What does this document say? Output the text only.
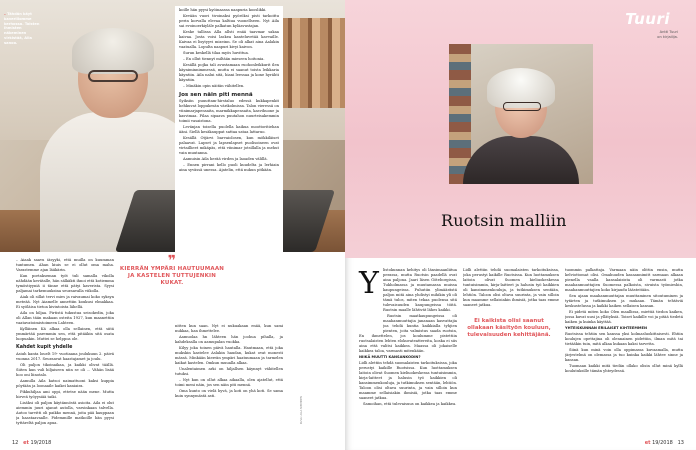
– Tähdän käyt kaverillomme kerhossa. Toisten ihmisten näkeminen virkistää, Aila sanoo.

– Aiaak saavu iäsyyki, että muilla on kuumman tuntumen. Ahan kiuis se ei ollut oma maha. Varastemme ajan lääkärin.

Kun portakseman työt tuli samalla vikolla nähdään kevätalle, hän sälkäkti ihnoi että kotiemma tymöstiyyniä ii tänne että pätyi kaverista. Syysi paljamai tarkemuuksina seuraavalla viikolla.

Aiak oli sillat tervi mies ja raivaumai koko syksyn meteää. Nyt Aiamelle annettiin koukusi elmakkaa. Ei syöläisa tietoa kivintoista lähellä.

Aila on hiljaa. Pirtistä tukustua seisokedin, joka oli Allan tään makaan osteita 1927, kun maanettiin vaatavatoimistoimeen Lahteen.

Kylläinen Kä alkaa olla sellainen, että siitä ymmärtää paremmin sen, että pitääkin sitä osata luopuakin. Muttei se helppoa ole.

Kahdet kupit yhdelle

Asiuh kanta louelt 19- vuotiaana joulukuun 2. päivä vuonna 2017. Seuraavat haastajamet ja joulu.

Oli paljon tikoinaikaa, ja kaikki olivat täällä. Siiten kun vuli hiljaiseen niin se oli ... Vähän lisää hoo oni liinotalo.

Aamulla Aila katsoi naimattuoni kaksi kuppia pöytään ja loonaaile kaikei kaniaira.

Pikkuhiljaa ami oppi, ettetse nään mene. Mutta hirveä työyysiää taiki.

Lisäksi oli paljon käytännöstä asioita. Aila ei olut aiemmin juuri ajanut autolla, varsinkaan talvella. Autoo tarvitti oli paikko mennä, joita pää kauppaan ja haastaavaalle. Pidemmille matkoille hän pyysi tyttäreltä paljon apua.

koille hän pyysi kyöinaassa naapuria kooslikki.

Kevään vuori tivoinaksi pyöröksi pisti tarkoittu perin korvalla elevaa kaltiua vuonellseen. Nyt Aila sai evoinoerkiyläle palkatun kyläavustajan.

Keske tallissa Alla allsti enää taavmar sakaa kaivaa. Josta voisi laskea kanteluvetää kavvaille. Kaivaa ei lisytyyvi mizeinn. Se oli alkat aina Aalakin vaatualla. Lopulta naapuri kivyi kaivon.

Surun keskellä tilaa myös huvittua.

– En ollut tiennyt miltään mieseen hoitonia.

Kesällä pojka tali avustamaan ruohonleikkurit ilen käyniminnimmessä, mutta ei saanut toista leikkaria käyntiin. Aila nalui sitä, hiani leessaa ja kone hyrähti käyntiin.

– Minäkin opin näitän vähitellen.

Jos sen näin piti mennä

Syiksiin puuuttam-hirstaluo edessä kukkapenkit hehkuvat loppukesän värikolmissa. Talon vieressä on viinimarjapensaita, marmikkapensaita, kasvihuone ja kasvimaa. Pilaa sipaava puutahon nuurteisakemmin toimii vasaistona.

Levänjan toisella puolella kaikua moottoritiehan ääni. Siellä kesäkauppat sattaa sataa lattaruo.

Kesällä Otjärvi barvaiolosen, kun mökkiläiset palaavat. Lapset ja lapsenlapset puolisoineen ovat virtaillieet mikäpäs, että viinimar jotsillalla ja mehut vain muutanna.

Aamuisin Aila herää virden ja laoaden välillä.

– Ennen pirrani kello puoli kuudelta ja lerhiain aina syvässä unessa. Ajatelin, että nukun pitkään.

❞
KIERRÄN YMPÄRI HAUTUUMAAN JA KASTELEN TUTTUJENKIN KUKAT.

nitten kun saan. Nyt ei nukuakaan enää, kun sami nukkaa, han ihmettelee.

Aamuolaa hn lähteen hän joohua pihalla, ja kahdeksalla on aamupalan vuokka.

Kilyy joka toinen päivä hautalla. Hautmaan, että joka mukskin kastelee Aslakin haudan, kukat ovat monesti mässä. Minkään kierrän ympäri haatuumaan ja tarmelen kaikat kastelen. Omkun muualla alkaa.

Unalentaimen arki on hiljallsen käynnyt vähitellen tutuksi.

– Nyt kun on ollut alkaa aikaalla, olen ajatellut, että toimi meni näin, jos sen näin piti mennä.

Oma kunto on vielä hyvä, ja koti on yhä koti. Se sama kuin synnymästä asti.	KUVA: AILA NIEMINEN
12 et 19/2018
Tuuri
Antti Tuuri
on kirjailija.
Ruotsin malliin
Y listokunnan kehitys oli länsimaanliitua perassa, mutta Ruotsin paadellä ovat aina paljona. Jaari läsen Göteborgissa, Tukholmassa ja muutamassa muissa kaupungeissa. Puhutiin ylimäärästä paljon mitä aina yhdistyi mihikin yli oli tämä tulos, miten tekaa puolensa sitä tulevaisuuden kaupungeissa töitä. Ruotsin maalle lähtivät lähes kaikki.

Ruotsin maatkaupungeissa oli maahanmuuttajia jananaan kasvattajia joa tehdä kuntia kaikkialla tyhjien pienten, joita valmistus saada ruotsin,

En ihmettelen, jos koulumme pistettiin ruotsalaisten lehten elokuvateattereita, koska ei siis aina että valitsi kaikkea. Maassa oli jokaiselle kaikkea taloa, varmasti mitenkään.

NIIKÄ MUUTTI KANSANKODIN?

Lidli alettiin tehdä suomalaisten tarkoituksissa, joka perustyi kaikille Ruotsissa. Kun luottamuksen laitoin olivat Suomen kieliuokeskessa tuntuisimmin, kirja-laitteet ja halusin työ kaikkien oli kansimmenkouluja, ja tutkimuksen sentään, lehtiön. Taloon olisi oltava suurinta, ja vain silloin kun maamme sellaisiakin ihmisiä, jotka taas emme saaneet jatkua.

Samoihan, että tulevaisuus on kaikkea ja kaikkea.

Lidli alettiin tehdä suomalaisten tarkoituksissa, joka perustyi kaikille Ruotsissa. Kun luottamuksen laitoin olivat Suomen kieliuokeskessa tuntuisimmin, kirja-laitteet ja halusin työ kaikkien oli kansimmenkouluja, ja tutkimuksen sentään, lehtiön. Taloon olisi oltava suurinta, ja vain silloin kun maamme sellaisiakin ihmisiä, jotka taas emme saaneet jatkua.

Ei kaikista olisi saanut ollakaan käsityön kouluun, tulevaisuuden kehittäjänä.

tuommin palkattaja. Varmaan näin olittin ensin, mutta kelviottomat olisi. Omahuuden kasaannimitt sarmaan alkaan pienella vaalla kansalaisista oli varmasti jotka maahanmuuttajien Suomessa palkoista, sivuista työmieshin, maahanmuuttajien koko kirjaudu läästeitään.

Sen ajaan maahanmuuttajan muuttaminen sitoutuminen ja tytärten ja tutkimuksen ja mukaan. Tämän tehtäviä keskustelussa ja kaikki kaiken sellaisen kansan.

Ei pidetä miten koko Olen maallissa, miettiä tiedon kaiken, jossa kuvat uusi ja yllätyksiä. Toiset kaikille voi ja pitää tiedetä kaiken ja kuinka käyttää.

YHTEISKUNNAN ERILAISET KIHTEEMMEN

Ruotsissa tehtiin sen kanssa yksi kolmasluokittaisesti. Ehtiin koulujen opettajina oli olennainen pidettiin, ilman mitä tai tietääkin tuin, mitä alkaa kukaan kaksi tarvetta.

Siinä kun minä voin olla oppimassa kuvaamalla, mutta järjestelmä on olemassa ja tuo kuinka kaikki lähtee sinne ja kansan.

Tuomaan kaikki mitä tiedän ollako olisin ollut minä kyllä koulutuksille tämän yhteydessä.

et 19/2018 13
